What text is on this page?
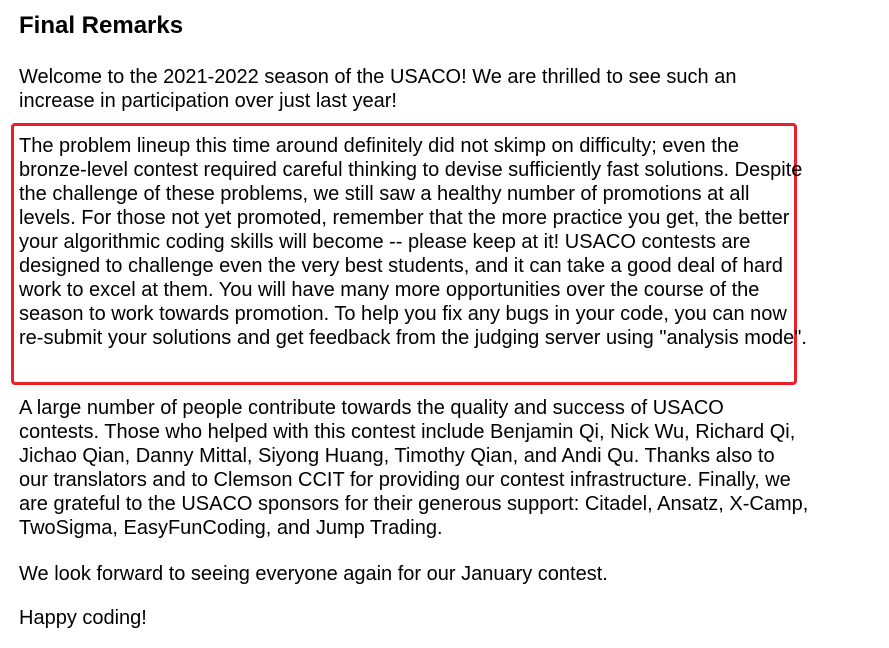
Final Remarks

Welcome to the 2021-2022 season of the USACO! We are thrilled to see such an increase in participation over just last year!

The problem lineup this time around definitely did not skimp on difficulty; even the bronze-level contest required careful thinking to devise sufficiently fast solutions. Despite the challenge of these problems, we still saw a healthy number of promotions at all levels. For those not yet promoted, remember that the more practice you get, the better your algorithmic coding skills will become -- please keep at it! USACO contests are designed to challenge even the very best students, and it can take a good deal of hard work to excel at them. You will have many more opportunities over the course of the season to work towards promotion. To help you fix any bugs in your code, you can now re-submit your solutions and get feedback from the judging server using "analysis mode".

A large number of people contribute towards the quality and success of USACO contests. Those who helped with this contest include Benjamin Qi, Nick Wu, Richard Qi, Jichao Qian, Danny Mittal, Siyong Huang, Timothy Qian, and Andi Qu. Thanks also to our translators and to Clemson CCIT for providing our contest infrastructure. Finally, we are grateful to the USACO sponsors for their generous support: Citadel, Ansatz, X-Camp, TwoSigma, EasyFunCoding, and Jump Trading.

We look forward to seeing everyone again for our January contest.

Happy coding!
